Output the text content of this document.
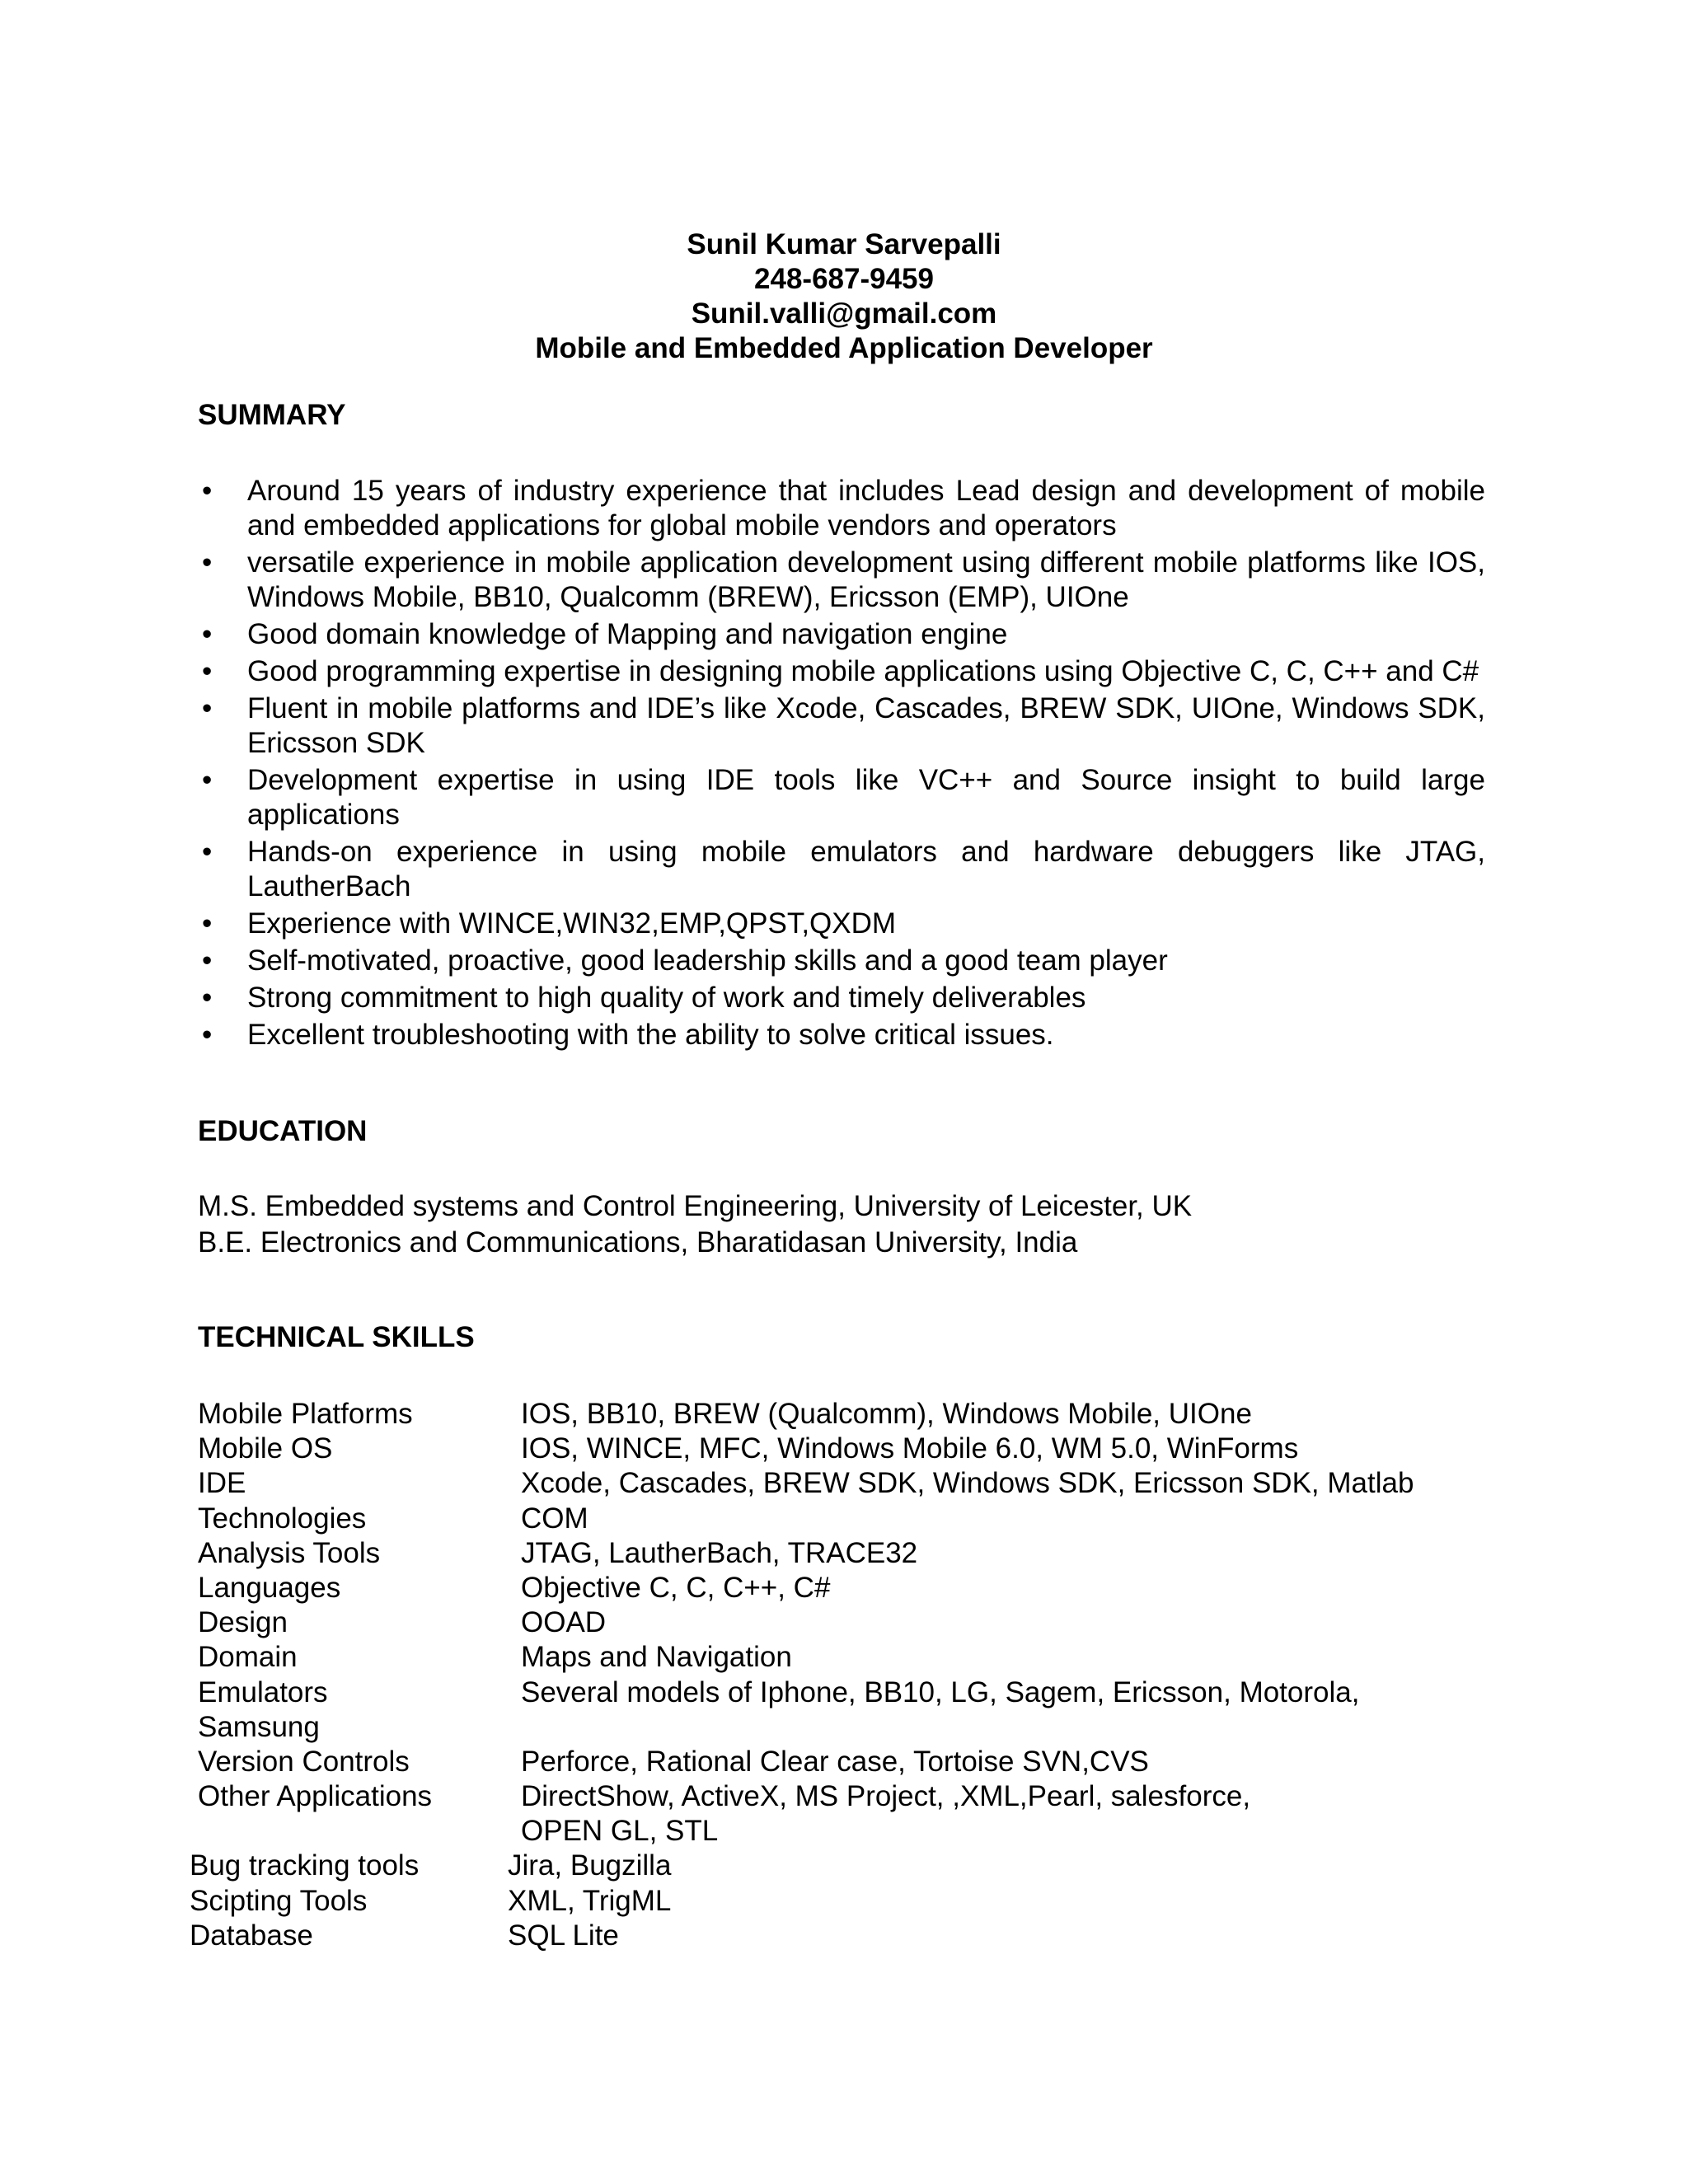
Sunil Kumar Sarvepalli
248-687-9459
Sunil.valli@gmail.com
Mobile and Embedded Application Developer
SUMMARY
• Around 15 years of industry experience that includes Lead design and development of mobile and embedded applications for global mobile vendors and operators
• versatile experience in mobile application development using different mobile platforms like IOS, Windows Mobile, BB10, Qualcomm (BREW), Ericsson (EMP), UIOne
• Good domain knowledge of Mapping and navigation engine
• Good programming expertise in designing mobile applications using Objective C, C, C++ and C#
• Fluent in mobile platforms and IDE’s like Xcode, Cascades, BREW SDK, UIOne, Windows SDK, Ericsson SDK
• Development expertise in using IDE tools like VC++ and Source insight to build large applications
• Hands-on experience in using mobile emulators and hardware debuggers like JTAG, LautherBach
• Experience with WINCE,WIN32,EMP,QPST,QXDM
• Self-motivated, proactive, good leadership skills and a good team player
• Strong commitment to high quality of work and timely deliverables
• Excellent troubleshooting with the ability to solve critical issues.
EDUCATION
M.S. Embedded systems and Control Engineering, University of Leicester, UK
B.E. Electronics and Communications, Bharatidasan University, India
TECHNICAL SKILLS
Mobile Platforms	IOS, BB10, BREW (Qualcomm), Windows Mobile, UIOne
Mobile OS	IOS, WINCE, MFC, Windows Mobile 6.0, WM 5.0, WinForms
IDE	Xcode, Cascades, BREW SDK, Windows SDK, Ericsson SDK, Matlab
Technologies	COM
Analysis Tools	JTAG, LautherBach, TRACE32
Languages	Objective C, C, C++, C#
Design	OOAD
Domain	Maps and Navigation
Emulators	Several models of Iphone, BB10, LG, Sagem, Ericsson, Motorola,
Samsung
Version Controls	Perforce, Rational Clear case, Tortoise SVN,CVS
Other Applications	DirectShow, ActiveX, MS Project, ,XML,Pearl, salesforce,
OPEN GL, STL
Bug tracking tools	Jira, Bugzilla
Scipting Tools	XML, TrigML
Database	SQL Lite
